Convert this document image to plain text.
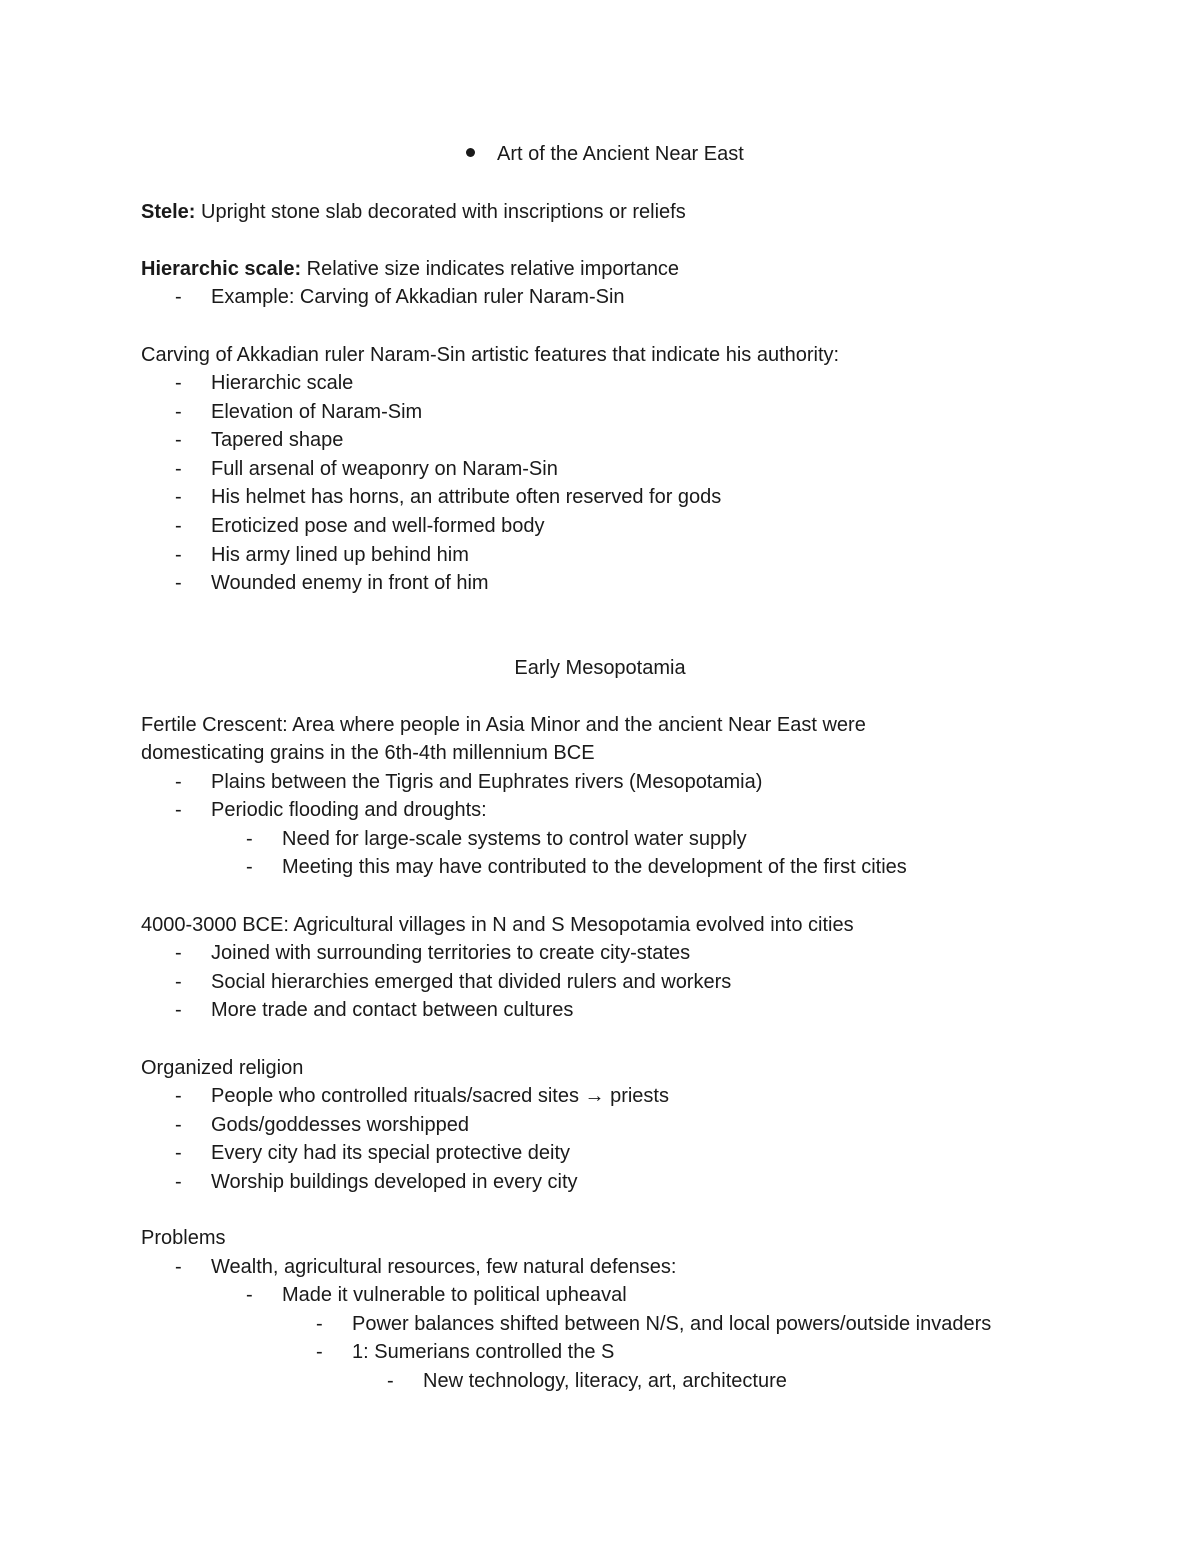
Art of the Ancient Near East
Stele: Upright stone slab decorated with inscriptions or reliefs
Hierarchic scale: Relative size indicates relative importance
- Example: Carving of Akkadian ruler Naram-Sin
Carving of Akkadian ruler Naram-Sin artistic features that indicate his authority:
- Hierarchic scale
- Elevation of Naram-Sim
- Tapered shape
- Full arsenal of weaponry on Naram-Sin
- His helmet has horns, an attribute often reserved for gods
- Eroticized pose and well-formed body
- His army lined up behind him
- Wounded enemy in front of him
Early Mesopotamia
Fertile Crescent: Area where people in Asia Minor and the ancient Near East were
domesticating grains in the 6th-4th millennium BCE
- Plains between the Tigris and Euphrates rivers (Mesopotamia)
- Periodic flooding and droughts:
- Need for large-scale systems to control water supply
- Meeting this may have contributed to the development of the first cities
4000-3000 BCE: Agricultural villages in N and S Mesopotamia evolved into cities
- Joined with surrounding territories to create city-states
- Social hierarchies emerged that divided rulers and workers
- More trade and contact between cultures
Organized religion
- People who controlled rituals/sacred sites → priests
- Gods/goddesses worshipped
- Every city had its special protective deity
- Worship buildings developed in every city
Problems
- Wealth, agricultural resources, few natural defenses:
- Made it vulnerable to political upheaval
- Power balances shifted between N/S, and local powers/outside invaders
- 1: Sumerians controlled the S
- New technology, literacy, art, architecture
